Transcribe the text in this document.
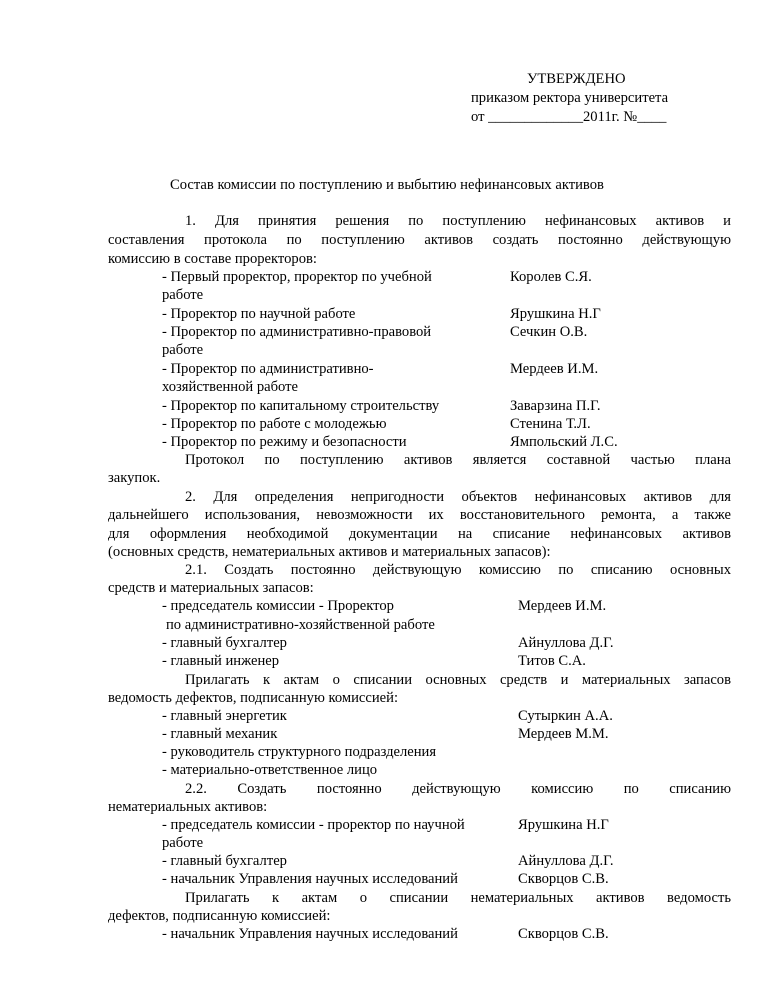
УТВЕРЖДЕНО
приказом ректора университета
от _____________2011г. №____
Состав комиссии по поступлению и выбытию нефинансовых активов
1. Для принятия решения по поступлению нефинансовых активов и
составления протокола по поступлению активов создать постоянно действующую
комиссию в составе проректоров:
- Первый проректор, проректор по учебной	Королев С.Я.
работе
- Проректор по научной работе	Ярушкина Н.Г
- Проректор по административно-правовой	Сечкин О.В.
работе
- Проректор по административно-	Мердеев И.М.
хозяйственной работе
- Проректор по капитальному строительству	Заварзина П.Г.
- Проректор по работе с молодежью	Стенина Т.Л.
- Проректор по режиму и безопасности	Ямпольский Л.С.
Протокол по поступлению активов является составной частью плана
закупок.
2. Для определения непригодности объектов нефинансовых активов для
дальнейшего использования, невозможности их восстановительного ремонта, а также
для оформления необходимой документации на списание нефинансовых активов
(основных средств, нематериальных активов и материальных запасов):
2.1. Создать постоянно действующую комиссию по списанию основных
средств и материальных запасов:
- председатель комиссии - Проректор	Мердеев И.М.
по административно-хозяйственной работе
- главный бухгалтер	Айнуллова Д.Г.
- главный инженер	Титов С.А.
Прилагать к актам о списании основных средств и материальных запасов
ведомость дефектов, подписанную комиссией:
- главный энергетик	Сутыркин А.А.
- главный механик	Мердеев М.М.
- руководитель структурного подразделения
- материально-ответственное лицо
2.2. Создать постоянно действующую комиссию по списанию
нематериальных активов:
- председатель комиссии - проректор по научной	Ярушкина Н.Г
работе
- главный бухгалтер	Айнуллова Д.Г.
- начальник Управления научных исследований	Скворцов С.В.
Прилагать к актам о списании нематериальных активов ведомость
дефектов, подписанную комиссией:
- начальник Управления научных исследований	Скворцов С.В.
